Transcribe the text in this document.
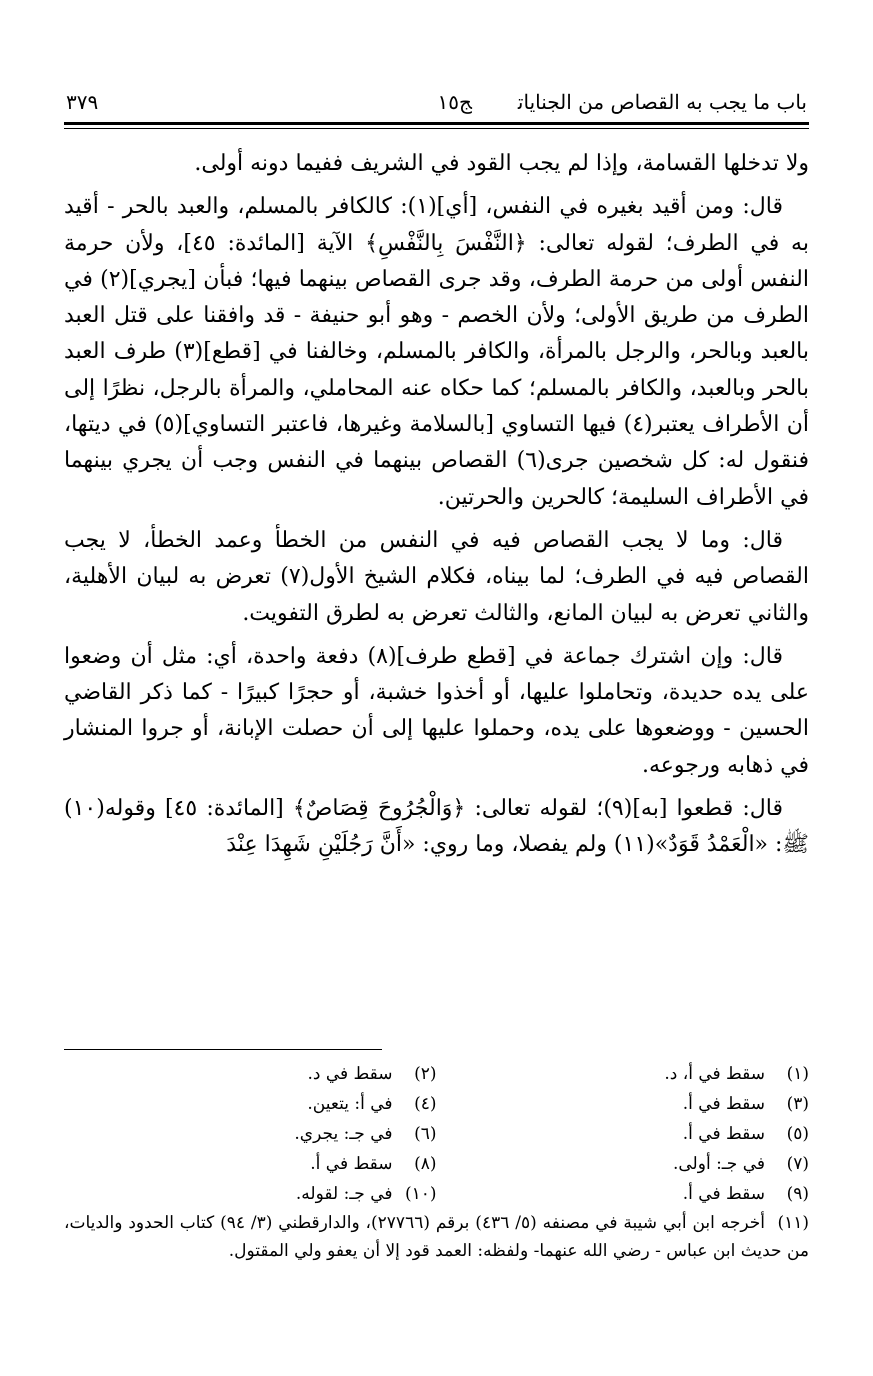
باب ما يجب به القصاص من الجناياتج١٥
٣٧٩

ولا تدخلها القسامة، وإذا لم يجب القود في الشريف ففيما دونه أولى.

قال: ومن أقيد بغيره في النفس، [أي](١): كالكافر بالمسلم، والعبد بالحر - أقيد به في الطرف؛ لقوله تعالى: ﴿النَّفْسَ بِالنَّفْسِ﴾ الآية [المائدة: ٤٥]، ولأن حرمة النفس أولى من حرمة الطرف، وقد جرى القصاص بينهما فيها؛ فبأن [يجري](٢) في الطرف من طريق الأولى؛ ولأن الخصم - وهو أبو حنيفة - قد وافقنا على قتل العبد بالعبد وبالحر، والرجل بالمرأة، والكافر بالمسلم، وخالفنا في [قطع](٣) طرف العبد بالحر وبالعبد، والكافر بالمسلم؛ كما حكاه عنه المحاملي، والمرأة بالرجل، نظرًا إلى أن الأطراف يعتبر(٤) فيها التساوي [بالسلامة وغيرها، فاعتبر التساوي](٥) في ديتها، فنقول له: كل شخصين جرى(٦) القصاص بينهما في النفس وجب أن يجري بينهما في الأطراف السليمة؛ كالحرين والحرتين.

قال: وما لا يجب القصاص فيه في النفس من الخطأ وعمد الخطأ، لا يجب القصاص فيه في الطرف؛ لما بيناه، فكلام الشيخ الأول(٧) تعرض به لبيان الأهلية، والثاني تعرض به لبيان المانع، والثالث تعرض به لطرق التفويت.

قال: وإن اشترك جماعة في [قطع طرف](٨) دفعة واحدة، أي: مثل أن وضعوا على يده حديدة، وتحاملوا عليها، أو أخذوا خشبة، أو حجرًا كبيرًا - كما ذكر القاضي الحسين - ووضعوها على يده، وحملوا عليها إلى أن حصلت الإبانة، أو جروا المنشار في ذهابه ورجوعه.

قال: قطعوا [به](٩)؛ لقوله تعالى: ﴿وَالْجُرُوحَ قِصَاصٌ﴾ [المائدة: ٤٥] وقوله(١٠) ﷺ: «الْعَمْدُ قَوَدٌ»(١١) ولم يفصلا، وما روي: «أَنَّ رَجُلَيْنِ شَهِدَا عِنْدَ

(١)سقط في أ، د.
(٢)سقط في د.
(٣)سقط في أ.
(٤)في أ: يتعين.
(٥)سقط في أ.
(٦)في جـ: يجري.
(٧)في جـ: أولى.
(٨)سقط في أ.
(٩)سقط في أ.
(١٠)في جـ: لقوله.
(١١)أخرجه ابن أبي شيبة في مصنفه (٥/ ٤٣٦) برقم (٢٧٧٦٦)، والدارقطني (٣/ ٩٤) كتاب الحدود والديات، من حديث ابن عباس - رضي الله عنهما- ولفظه: العمد قود إلا أن يعفو ولي المقتول.
